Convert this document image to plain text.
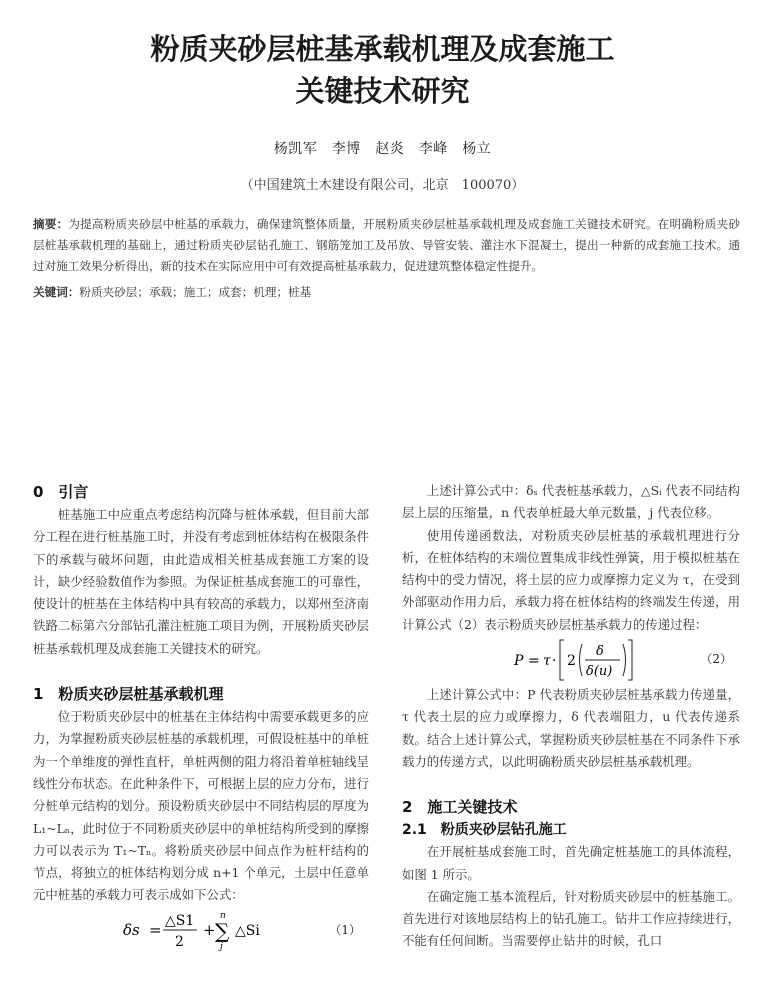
粉质夹砂层桩基承载机理及成套施工
关键技术研究
杨凯军　李博　赵炎　李峰　杨立
（中国建筑土木建设有限公司，北京　100070）
摘要：为提高粉质夹砂层中桩基的承载力，确保建筑整体质量，开展粉质夹砂层桩基承载机理及成套施工关键技术研究。在明确粉质夹砂层桩基承载机理的基础上，通过粉质夹砂层钻孔施工、钢筋笼加工及吊放、导管安装、灌注水下混凝土，提出一种新的成套施工技术。通过对施工效果分析得出，新的技术在实际应用中可有效提高桩基承载力，促进建筑整体稳定性提升。
关键词：粉质夹砂层；承载；施工；成套；机理；桩基
0　引言

桩基施工中应重点考虑结构沉降与桩体承载，但目前大部分工程在进行桩基施工时，并没有考虑到桩体结构在极限条件下的承载与破坏问题，由此造成相关桩基成套施工方案的设计，缺少经验数值作为参照。为保证桩基成套施工的可靠性，使设计的桩基在主体结构中具有较高的承载力，以郑州至济南铁路二标第六分部钻孔灌注桩施工项目为例，开展粉质夹砂层桩基承载机理及成套施工关键技术的研究。

1　粉质夹砂层桩基承载机理

位于粉质夹砂层中的桩基在主体结构中需要承载更多的应力，为掌握粉质夹砂层桩基的承载机理，可假设桩基中的单桩为一个单维度的弹性直杆，单桩两侧的阻力将沿着单桩轴线呈线性分布状态。在此种条件下，可根据上层的应力分布，进行分桩单元结构的划分。预设粉质夹砂层中不同结构层的厚度为 L₁~Lₙ，此时位于不同粉质夹砂层中的单桩结构所受到的摩擦力可以表示为 T₁~Tₙ。将粉质夹砂层中间点作为桩杆结构的节点，将独立的桩体结构划分成 n+1 个单元，土层中任意单元中桩基的承载力可表示成如下公式：

δs = △S1
2
+
n
∑
j
△Si	（1）

上述计算公式中：δₛ 代表桩基承载力，△Sᵢ 代表不同结构层上层的压缩量，n 代表单桩最大单元数量，j 代表位移。

使用传递函数法，对粉质夹砂层桩基的承载机理进行分析，在桩体结构的末端位置集成非线性弹簧，用于模拟桩基在结构中的受力情况，将土层的应力或摩擦力定义为 τ，在受到外部驱动作用力后，承载力将在桩体结构的终端发生传递，用计算公式（2）表示粉质夹砂层桩基承载力的传递过程：

P = τ · 2
δ
δ(u)
（2）

上述计算公式中：P 代表粉质夹砂层桩基承载力传递量，τ 代表土层的应力或摩擦力，δ 代表端阻力，u 代表传递系数。结合上述计算公式，掌握粉质夹砂层桩基在不同条件下承载力的传递方式，以此明确粉质夹砂层桩基承载机理。

2　施工关键技术
2.1　粉质夹砂层钻孔施工

在开展桩基成套施工时，首先确定桩基施工的具体流程，如图 1 所示。

在确定施工基本流程后，针对粉质夹砂层中的桩基施工。首先进行对该地层结构上的钻孔施工。钻井工作应持续进行，不能有任何间断。当需要停止钻井的时候，孔口
